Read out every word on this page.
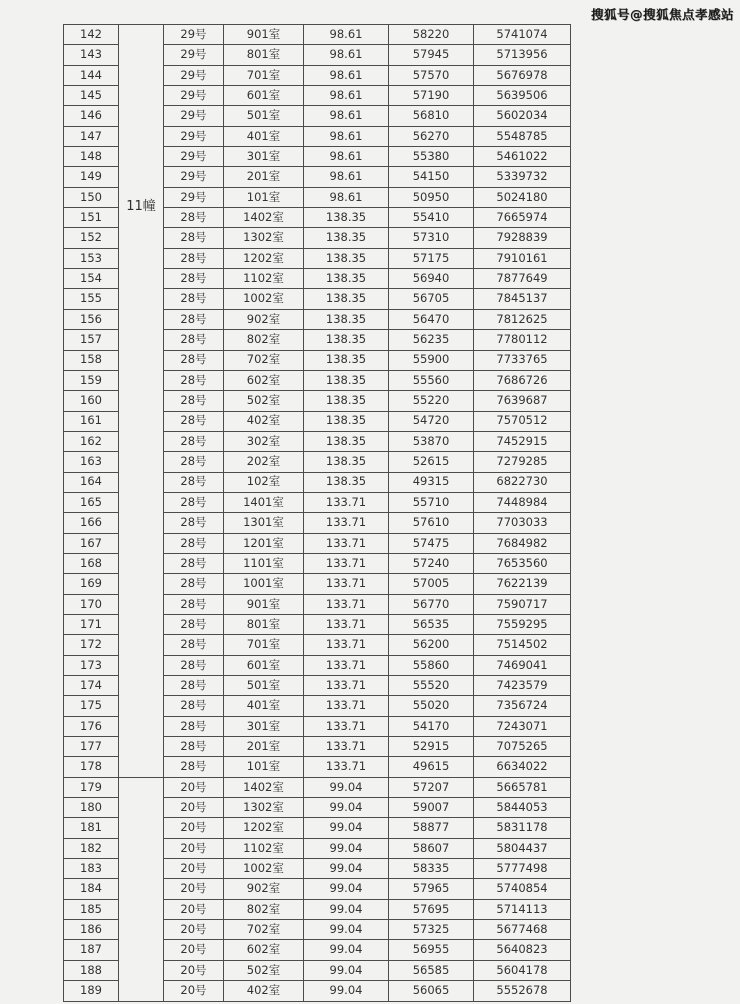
搜狐号@搜狐焦点孝感站
142	11幢	29号	901室	98.61	58220	5741074
143		29号	801室	98.61	57945	5713956
144		29号	701室	98.61	57570	5676978
145		29号	601室	98.61	57190	5639506
146		29号	501室	98.61	56810	5602034
147		29号	401室	98.61	56270	5548785
148		29号	301室	98.61	55380	5461022
149		29号	201室	98.61	54150	5339732
150		29号	101室	98.61	50950	5024180
151		28号	1402室	138.35	55410	7665974
152		28号	1302室	138.35	57310	7928839
153		28号	1202室	138.35	57175	7910161
154		28号	1102室	138.35	56940	7877649
155		28号	1002室	138.35	56705	7845137
156		28号	902室	138.35	56470	7812625
157		28号	802室	138.35	56235	7780112
158		28号	702室	138.35	55900	7733765
159		28号	602室	138.35	55560	7686726
160		28号	502室	138.35	55220	7639687
161		28号	402室	138.35	54720	7570512
162		28号	302室	138.35	53870	7452915
163		28号	202室	138.35	52615	7279285
164		28号	102室	138.35	49315	6822730
165		28号	1401室	133.71	55710	7448984
166		28号	1301室	133.71	57610	7703033
167		28号	1201室	133.71	57475	7684982
168		28号	1101室	133.71	57240	7653560
169		28号	1001室	133.71	57005	7622139
170		28号	901室	133.71	56770	7590717
171		28号	801室	133.71	56535	7559295
172		28号	701室	133.71	56200	7514502
173		28号	601室	133.71	55860	7469041
174		28号	501室	133.71	55520	7423579
175		28号	401室	133.71	55020	7356724
176		28号	301室	133.71	54170	7243071
177		28号	201室	133.71	52915	7075265
178		28号	101室	133.71	49615	6634022
179		20号	1402室	99.04	57207	5665781
180		20号	1302室	99.04	59007	5844053
181		20号	1202室	99.04	58877	5831178
182		20号	1102室	99.04	58607	5804437
183		20号	1002室	99.04	58335	5777498
184		20号	902室	99.04	57965	5740854
185		20号	802室	99.04	57695	5714113
186		20号	702室	99.04	57325	5677468
187		20号	602室	99.04	56955	5640823
188		20号	502室	99.04	56585	5604178
189		20号	402室	99.04	56065	5552678
